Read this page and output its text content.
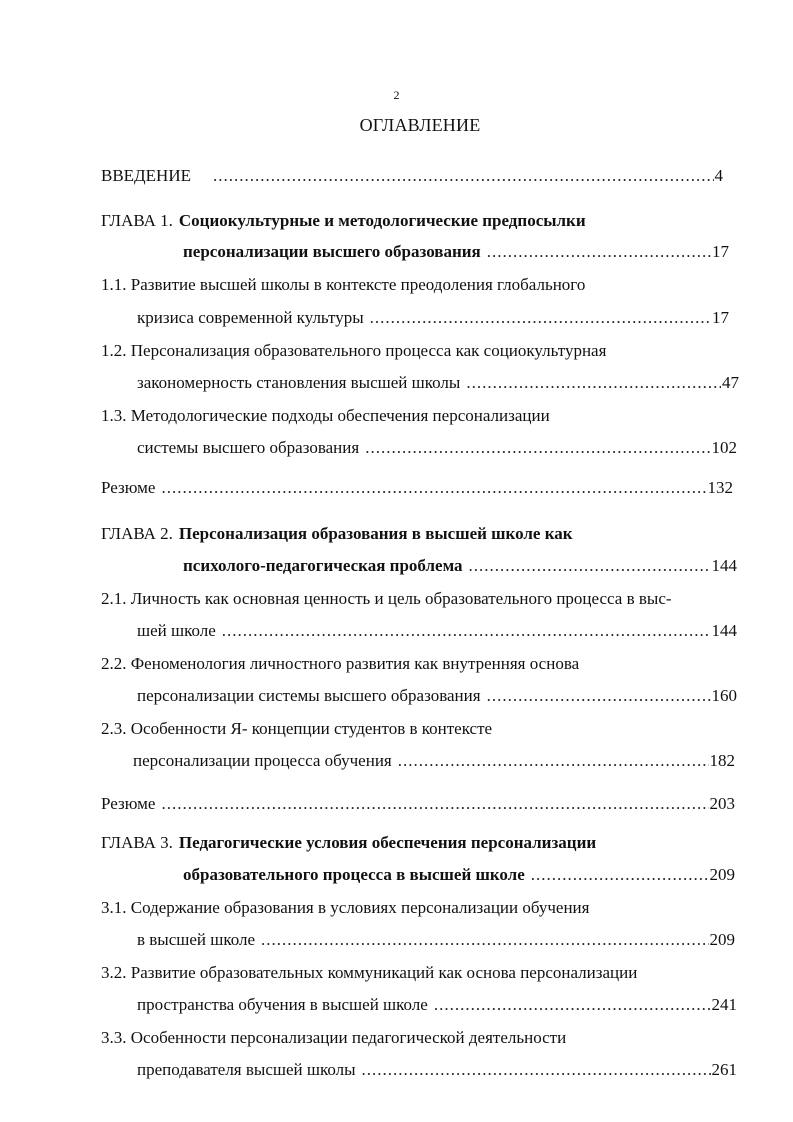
2
ОГЛАВЛЕНИЕ
ВВЕДЕНИЕ .....	4
ГЛАВА 1. Социокультурные и методологические предпосылки
персонализации высшего образования .....	17
1.1. Развитие высшей школы в контексте преодоления глобального
кризиса современной культуры .....	17
1.2. Персонализация образовательного процесса как социокультурная
закономерность становления высшей школы .....	47
1.3. Методологические подходы обеспечения персонализации
системы высшего образования .....	102
Резюме .....	132
ГЛАВА 2. Персонализация образования в высшей школе как
психолого-педагогическая проблема .....	144
2.1. Личность как основная ценность и цель образовательного процесса в выс-
шей школе .....	144
2.2. Феноменология личностного развития как внутренняя основа
персонализации системы высшего образования .....	160
2.3. Особенности Я- концепции студентов в контексте
персонализации процесса обучения .....	182
Резюме .....	203
ГЛАВА 3. Педагогические условия обеспечения персонализации
образовательного процесса в высшей школе .....	209
3.1. Содержание образования в условиях персонализации обучения
в высшей школе .....	209
3.2. Развитие образовательных коммуникаций как основа персонализации
пространства обучения в высшей школе .....	241
3.3. Особенности персонализации педагогической деятельности
преподавателя высшей школы .....	261
